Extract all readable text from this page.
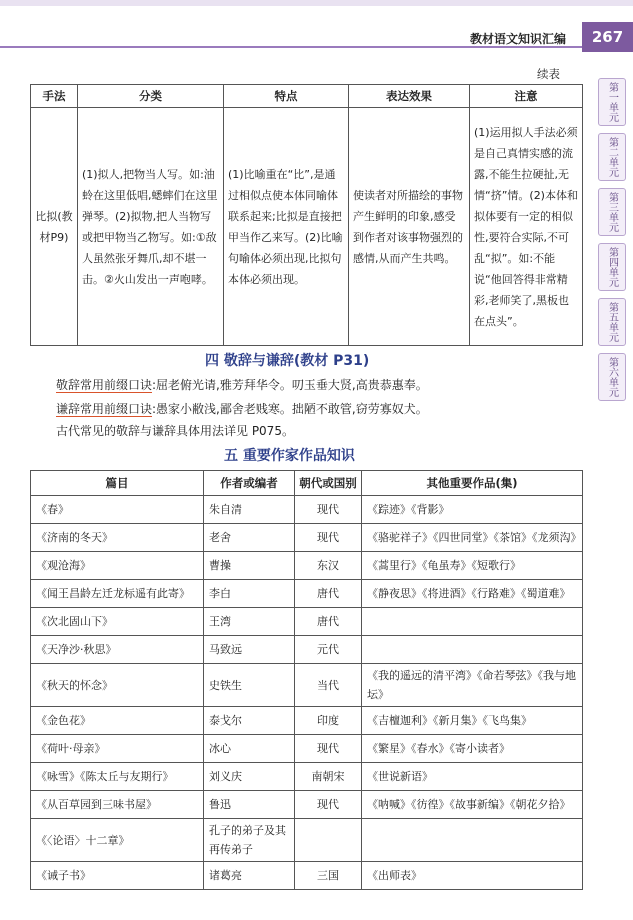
教材语文知识汇编	267
续表
手法	分类	特点	表达效果	注意
比拟(教材P9)	(1)拟人,把物当人写。如:油蛉在这里低唱,蟋蟀们在这里弹琴。(2)拟物,把人当物写或把甲物当乙物写。如:①敌人虽然张牙舞爪,却不堪一击。②火山发出一声咆哮。	(1)比喻重在“比”,是通过相似点使本体同喻体联系起来;比拟是直接把甲当作乙来写。(2)比喻句喻体必须出现,比拟句本体必须出现。	使读者对所描绘的事物产生鲜明的印象,感受到作者对该事物强烈的感情,从而产生共鸣。	(1)运用拟人手法必须是自己真情实感的流露,不能生拉硬扯,无情“挤”情。(2)本体和拟体要有一定的相似性,要符合实际,不可乱“拟”。如:不能说“他回答得非常精彩,老师笑了,黑板也在点头”。
四 敬辞与谦辞(教材 P31)
敬辞常用前缀口诀:屈老俯光请,雅芳拜华令。叨玉垂大贤,高贵恭惠奉。
谦辞常用前缀口诀:愚家小敝浅,鄙舍老贱寒。拙陋不敢管,窃劳寡奴犬。
古代常见的敬辞与谦辞具体用法详见 P075。
五 重要作家作品知识
篇目	作者或编者	朝代或国别	其他重要作品(集)
《春》	朱自清	现代	《踪迹》《背影》
《济南的冬天》	老舍	现代	《骆驼祥子》《四世同堂》《茶馆》《龙须沟》
《观沧海》	曹操	东汉	《蒿里行》《龟虽寿》《短歌行》
《闻王昌龄左迁龙标遥有此寄》	李白	唐代	《静夜思》《将进酒》《行路难》《蜀道难》
《次北固山下》	王湾	唐代	
《天净沙·秋思》	马致远	元代	
《秋天的怀念》	史铁生	当代	《我的遥远的清平湾》《命若琴弦》《我与地坛》
《金色花》	泰戈尔	印度	《吉檀迦利》《新月集》《飞鸟集》
《荷叶·母亲》	冰心	现代	《繁星》《春水》《寄小读者》
《咏雪》《陈太丘与友期行》	刘义庆	南朝宋	《世说新语》
《从百草园到三味书屋》	鲁迅	现代	《呐喊》《彷徨》《故事新编》《朝花夕拾》
《〈论语〉十二章》	孔子的弟子及其再传弟子		
《诫子书》	诸葛亮	三国	《出师表》
第一单元
第二单元
第三单元
第四单元
第五单元
第六单元
